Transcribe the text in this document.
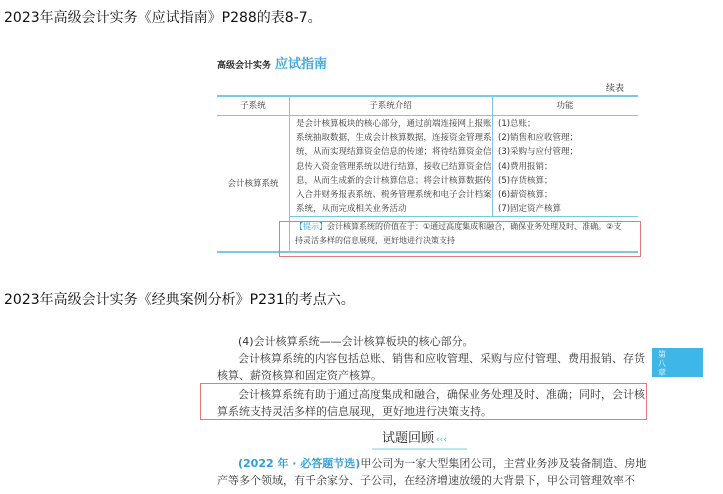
2023年高级会计实务《应试指南》P288的表8-7。
高级会计实务 应试指南
续表
子系统	子系统介绍	功能
会计核算系统
是会计核算板块的核心部分，通过前端连接网上报账
系统抽取数据，生成会计核算数据，连接资金管理系
统，从而实现结算资金信息的传递；将待结算资金信
息传入资金管理系统以进行结算，接收已结算资金信
息，从而生成新的会计核算信息；将会计核算数据传
入合并财务报表系统、税务管理系统和电子会计档案
系统，从而完成相关业务活动
(1)总账；
(2)销售和应收管理；
(3)采购与应付管理；
(4)费用报销；
(5)存货核算；
(6)薪资核算；
(7)固定资产核算
【提示】会计核算系统的价值在于：①通过高度集成和融合，确保业务处理及时、准确。②支
持灵活多样的信息展现，更好地进行决策支持
2023年高级会计实务《经典案例分析》P231的考点六。
(4)会计核算系统——会计核算板块的核心部分。
会计核算系统的内容包括总账、销售和应收管理、采购与应付管理、费用报销、存货
核算、薪资核算和固定资产核算。
会计核算系统有助于通过高度集成和融合，确保业务处理及时、准确；同时，会计核
算系统支持灵活多样的信息展现，更好地进行决策支持。
第八章
试题回顾 ‹‹‹
(2022 年 · 必答题节选)甲公司为一家大型集团公司，主营业务涉及装备制造、房地
产等多个领域，有千余家分、子公司，在经济增速放缓的大背景下，甲公司管理效率不
